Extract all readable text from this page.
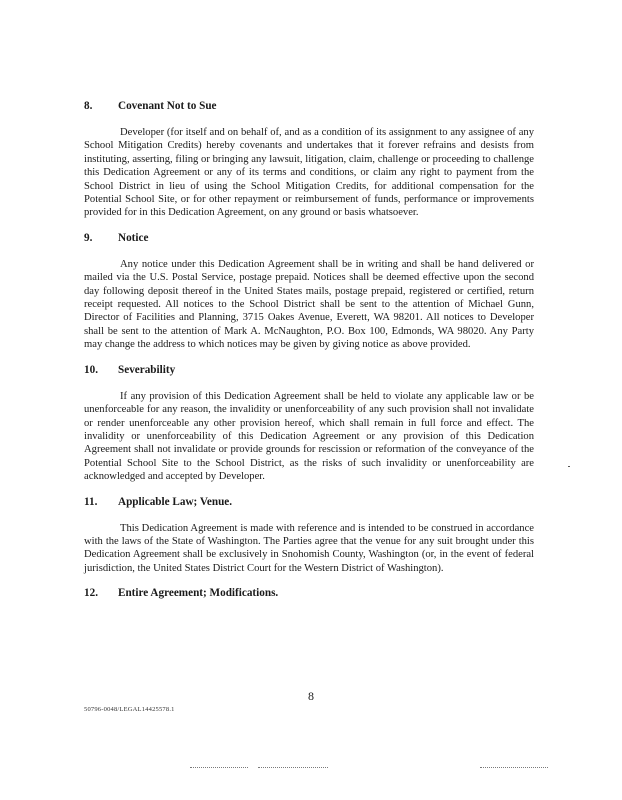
8.	Covenant Not to Sue

Developer (for itself and on behalf of, and as a condition of its assignment to any assignee of any School Mitigation Credits) hereby covenants and undertakes that it forever refrains and desists from instituting, asserting, filing or bringing any lawsuit, litigation, claim, challenge or proceeding to challenge this Dedication Agreement or any of its terms and conditions, or claim any right to payment from the School District in lieu of using the School Mitigation Credits, for additional compensation for the Potential School Site, or for other repayment or reimbursement of funds, performance or improvements provided for in this Dedication Agreement, on any ground or basis whatsoever.

9.	Notice

Any notice under this Dedication Agreement shall be in writing and shall be hand delivered or mailed via the U.S. Postal Service, postage prepaid. Notices shall be deemed effective upon the second day following deposit thereof in the United States mails, postage prepaid, registered or certified, return receipt requested. All notices to the School District shall be sent to the attention of Michael Gunn, Director of Facilities and Planning, 3715 Oakes Avenue, Everett, WA 98201. All notices to Developer shall be sent to the attention of Mark A. McNaughton, P.O. Box 100, Edmonds, WA 98020. Any Party may change the address to which notices may be given by giving notice as above provided.

10.	Severability

If any provision of this Dedication Agreement shall be held to violate any applicable law or be unenforceable for any reason, the invalidity or unenforceability of any such provision shall not invalidate or render unenforceable any other provision hereof, which shall remain in full force and effect. The invalidity or unenforceability of this Dedication Agreement or any provision of this Dedication Agreement shall not invalidate or provide grounds for rescission or reformation of the conveyance of the Potential School Site to the School District, as the risks of such invalidity or unenforceability are acknowledged and accepted by Developer.

11.	Applicable Law; Venue.

This Dedication Agreement is made with reference and is intended to be construed in accordance with the laws of the State of Washington. The Parties agree that the venue for any suit brought under this Dedication Agreement shall be exclusively in Snohomish County, Washington (or, in the event of federal jurisdiction, the United States District Court for the Western District of Washington).

12.	Entire Agreement; Modifications.
8
50796-0048/LEGAL14425578.1
